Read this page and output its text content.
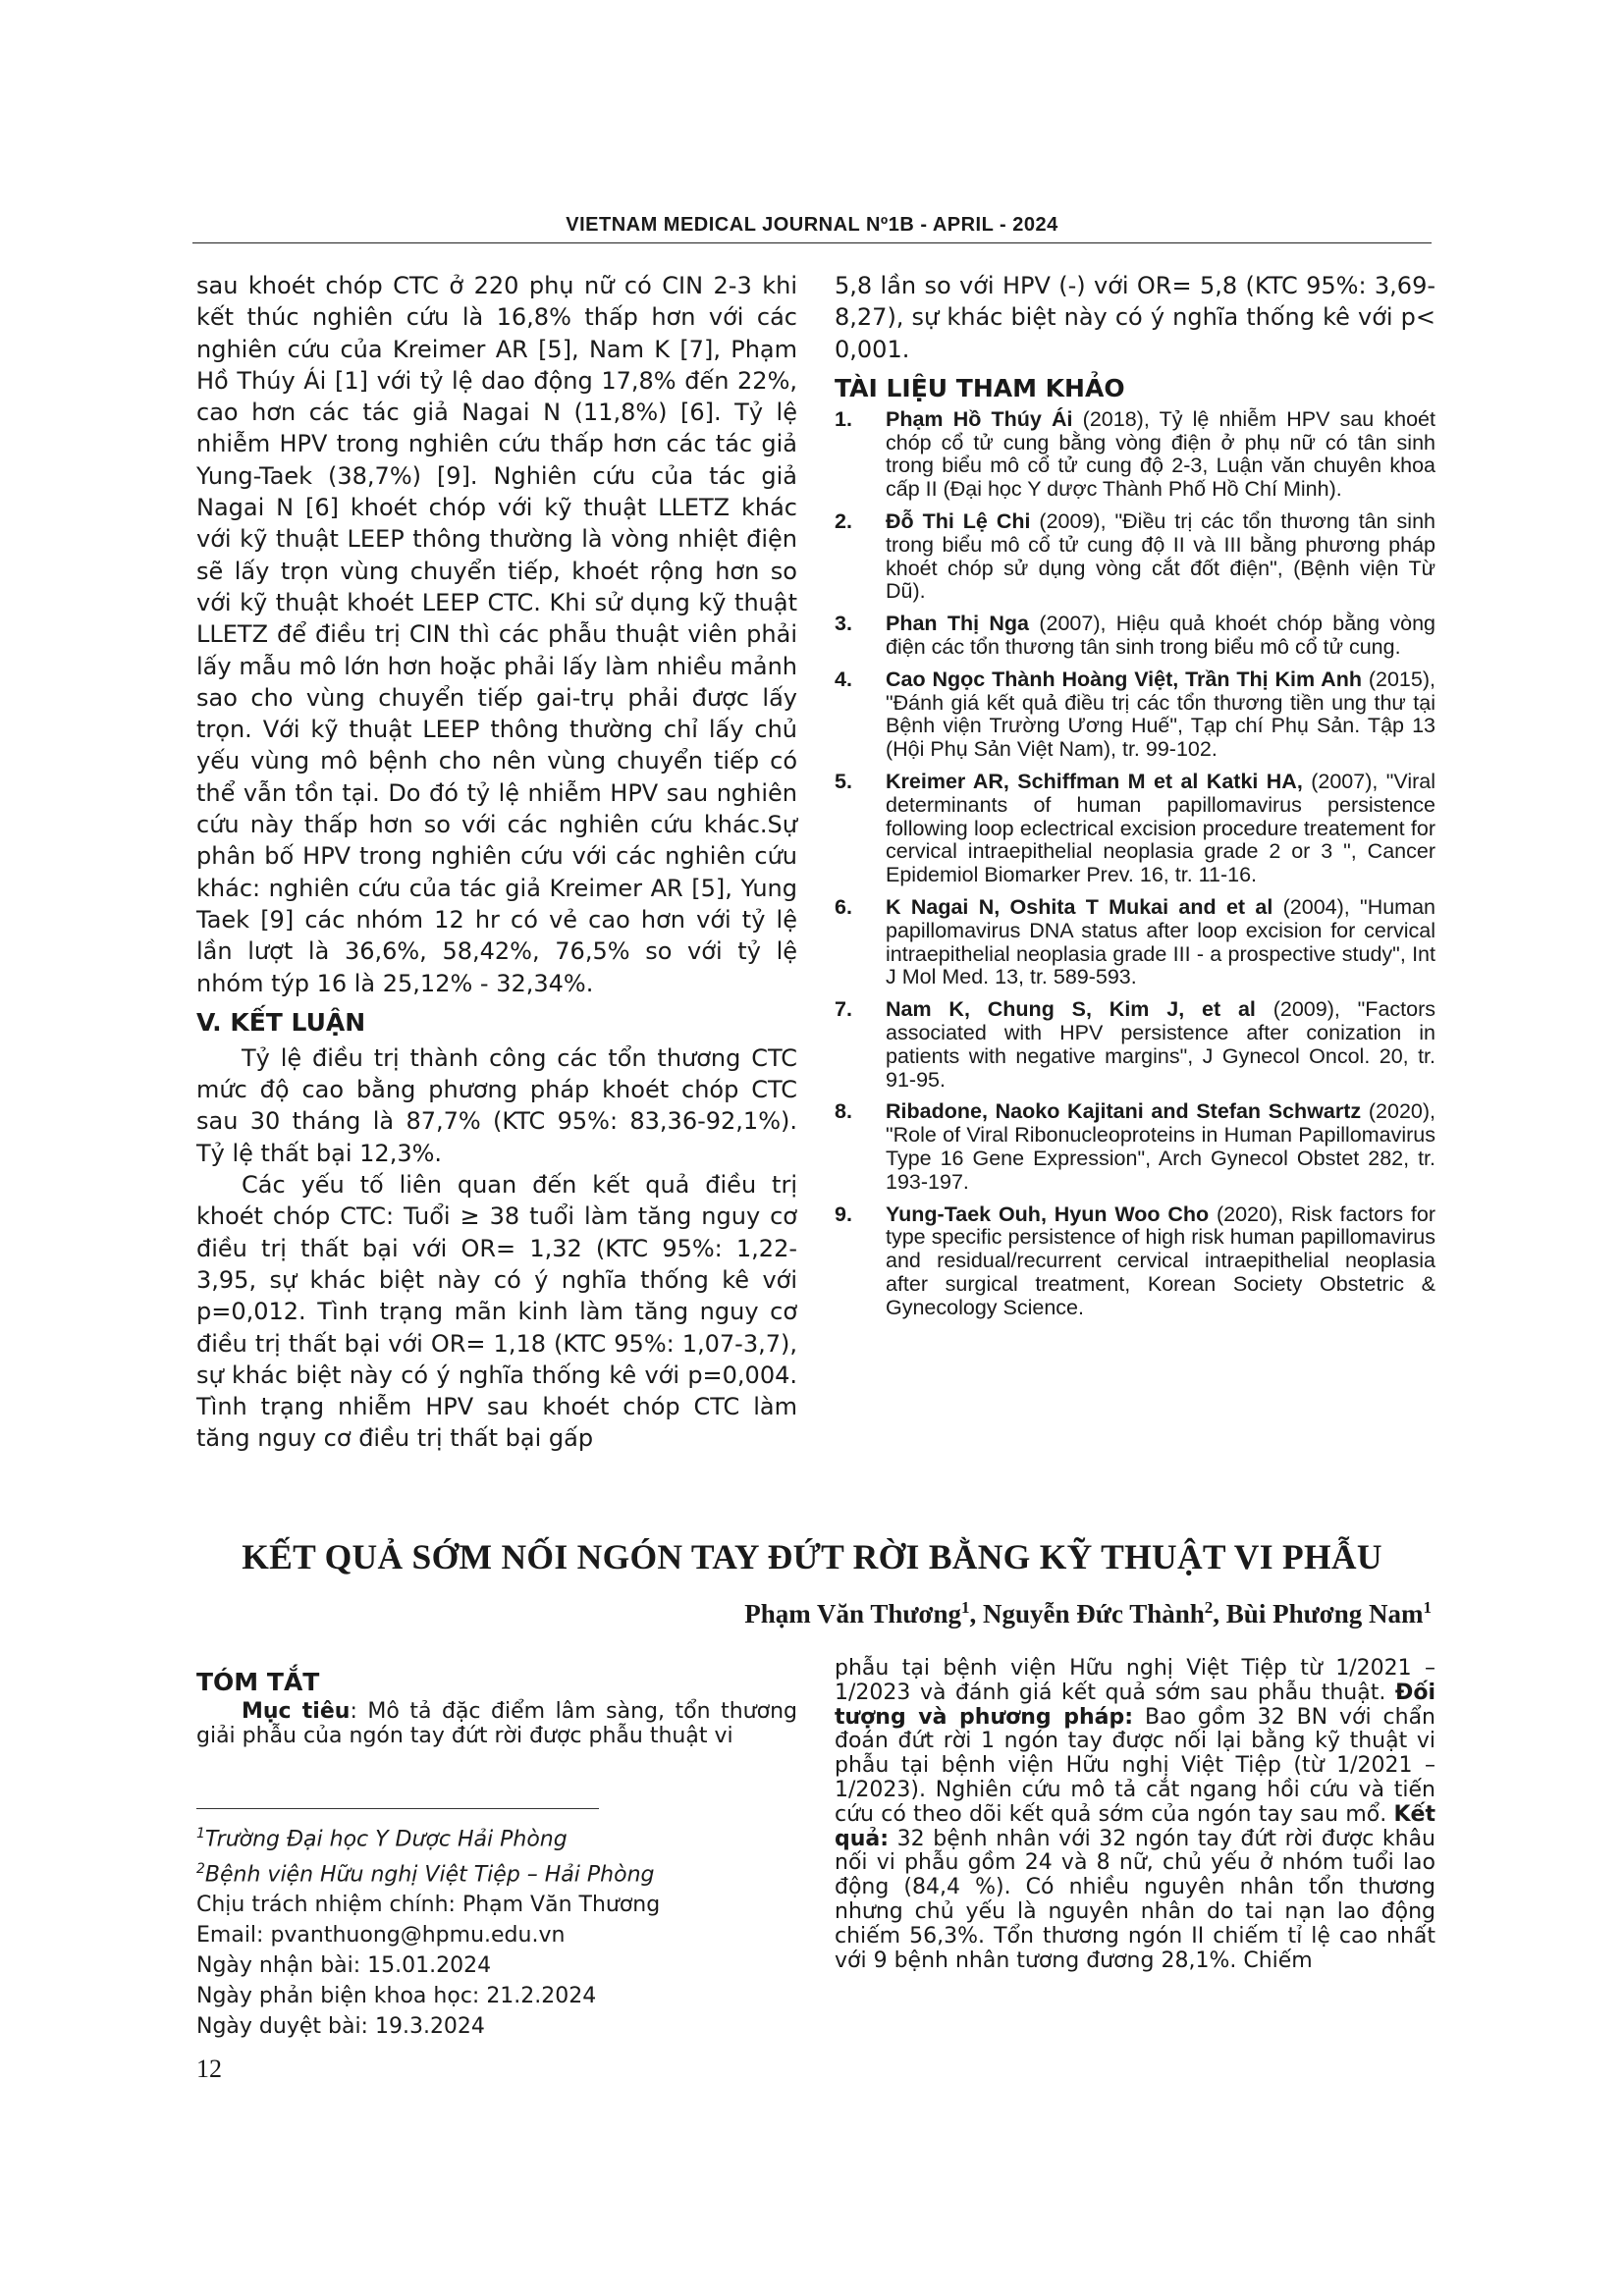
VIETNAM MEDICAL JOURNAL Nº1B - APRIL - 2024

sau khoét chóp CTC ở 220 phụ nữ có CIN 2-3 khi kết thúc nghiên cứu là 16,8% thấp hơn với các nghiên cứu của Kreimer AR [5], Nam K [7], Phạm Hồ Thúy Ái [1] với tỷ lệ dao động 17,8% đến 22%, cao hơn các tác giả Nagai N (11,8%) [6]. Tỷ lệ nhiễm HPV trong nghiên cứu thấp hơn các tác giả Yung-Taek (38,7%) [9]. Nghiên cứu của tác giả Nagai N [6] khoét chóp với kỹ thuật LLETZ khác với kỹ thuật LEEP thông thường là vòng nhiệt điện sẽ lấy trọn vùng chuyển tiếp, khoét rộng hơn so với kỹ thuật khoét LEEP CTC. Khi sử dụng kỹ thuật LLETZ để điều trị CIN thì các phẫu thuật viên phải lấy mẫu mô lớn hơn hoặc phải lấy làm nhiều mảnh sao cho vùng chuyển tiếp gai-trụ phải được lấy trọn. Với kỹ thuật LEEP thông thường chỉ lấy chủ yếu vùng mô bệnh cho nên vùng chuyển tiếp có thể vẫn tồn tại. Do đó tỷ lệ nhiễm HPV sau nghiên cứu này thấp hơn so với các nghiên cứu khác.Sự phân bố HPV trong nghiên cứu với các nghiên cứu khác: nghiên cứu của tác giả Kreimer AR [5], Yung Taek [9] các nhóm 12 hr có vẻ cao hơn với tỷ lệ lần lượt là 36,6%, 58,42%, 76,5% so với tỷ lệ nhóm týp 16 là 25,12% - 32,34%.

V. KẾT LUẬN

Tỷ lệ điều trị thành công các tổn thương CTC mức độ cao bằng phương pháp khoét chóp CTC sau 30 tháng là 87,7% (KTC 95%: 83,36-92,1%). Tỷ lệ thất bại 12,3%.

Các yếu tố liên quan đến kết quả điều trị khoét chóp CTC: Tuổi ≥ 38 tuổi làm tăng nguy cơ điều trị thất bại với OR= 1,32 (KTC 95%: 1,22-3,95, sự khác biệt này có ý nghĩa thống kê với p=0,012. Tình trạng mãn kinh làm tăng nguy cơ điều trị thất bại với OR= 1,18 (KTC 95%: 1,07-3,7), sự khác biệt này có ý nghĩa thống kê với p=0,004. Tình trạng nhiễm HPV sau khoét chóp CTC làm tăng nguy cơ điều trị thất bại gấp

5,8 lần so với HPV (-) với OR= 5,8 (KTC 95%: 3,69-8,27), sự khác biệt này có ý nghĩa thống kê với p< 0,001.

TÀI LIỆU THAM KHẢO
1. Phạm Hồ Thúy Ái (2018), Tỷ lệ nhiễm HPV sau khoét chóp cổ tử cung bằng vòng điện ở phụ nữ có tân sinh trong biểu mô cổ tử cung độ 2-3, Luận văn chuyên khoa cấp II (Đại học Y dược Thành Phố Hồ Chí Minh).
2. Đỗ Thi Lệ Chi (2009), "Điều trị các tổn thương tân sinh trong biểu mô cổ tử cung độ II và III bằng phương pháp khoét chóp sử dụng vòng cắt đốt điện", (Bệnh viện Từ Dũ).
3. Phan Thị Nga (2007), Hiệu quả khoét chóp bằng vòng điện các tổn thương tân sinh trong biểu mô cổ tử cung.
4. Cao Ngọc Thành Hoàng Việt, Trần Thị Kim Anh (2015), "Đánh giá kết quả điều trị các tổn thương tiền ung thư tại Bệnh viện Trường Ương Huế", Tạp chí Phụ Sản. Tập 13 (Hội Phụ Sản Việt Nam), tr. 99-102.
5. Kreimer AR, Schiffman M et al Katki HA, (2007), "Viral determinants of human papillomavirus persistence following loop eclectrical excision procedure treatement for cervical intraepithelial neoplasia grade 2 or 3 ", Cancer Epidemiol Biomarker Prev. 16, tr. 11-16.
6. K Nagai N, Oshita T Mukai and et al (2004), "Human papillomavirus DNA status after loop excision for cervical intraepithelial neoplasia grade III - a prospective study", Int J Mol Med. 13, tr. 589-593.
7. Nam K, Chung S, Kim J, et al (2009), "Factors associated with HPV persistence after conization in patients with negative margins", J Gynecol Oncol. 20, tr. 91-95.
8. Ribadone, Naoko Kajitani and Stefan Schwartz (2020), "Role of Viral Ribonucleoproteins in Human Papillomavirus Type 16 Gene Expression", Arch Gynecol Obstet 282, tr. 193-197.
9. Yung-Taek Ouh, Hyun Woo Cho (2020), Risk factors for type specific persistence of high risk human papillomavirus and residual/recurrent cervical intraepithelial neoplasia after surgical treatment, Korean Society Obstetric & Gynecology Science.
KẾT QUẢ SỚM NỐI NGÓN TAY ĐỨT RỜI BẰNG KỸ THUẬT VI PHẪU
Phạm Văn Thương$^1$, Nguyễn Đức Thành$^2$, Bùi Phương Nam$^1$
TÓM TẮT

Mục tiêu: Mô tả đặc điểm lâm sàng, tổn thương giải phẫu của ngón tay đứt rời được phẫu thuật vi

$^1$Trường Đại học Y Dược Hải Phòng
$^2$Bệnh viện Hữu nghị Việt Tiệp – Hải Phòng
Chịu trách nhiệm chính: Phạm Văn Thương
Email: pvanthuong@hpmu.edu.vn
Ngày nhận bài: 15.01.2024
Ngày phản biện khoa học: 21.2.2024
Ngày duyệt bài: 19.3.2024

phẫu tại bệnh viện Hữu nghị Việt Tiệp từ 1/2021 – 1/2023 và đánh giá kết quả sớm sau phẫu thuật. Đối tượng và phương pháp: Bao gồm 32 BN với chẩn đoán đứt rời 1 ngón tay được nối lại bằng kỹ thuật vi phẫu tại bệnh viện Hữu nghị Việt Tiệp (từ 1/2021 – 1/2023). Nghiên cứu mô tả cắt ngang hồi cứu và tiến cứu có theo dõi kết quả sớm của ngón tay sau mổ. Kết quả: 32 bệnh nhân với 32 ngón tay đứt rời được khâu nối vi phẫu gồm 24 và 8 nữ, chủ yếu ở nhóm tuổi lao động (84,4 %). Có nhiều nguyên nhân tổn thương nhưng chủ yếu là nguyên nhân do tai nạn lao động chiếm 56,3%. Tổn thương ngón II chiếm tỉ lệ cao nhất với 9 bệnh nhân tương đương 28,1%. Chiếm

12
